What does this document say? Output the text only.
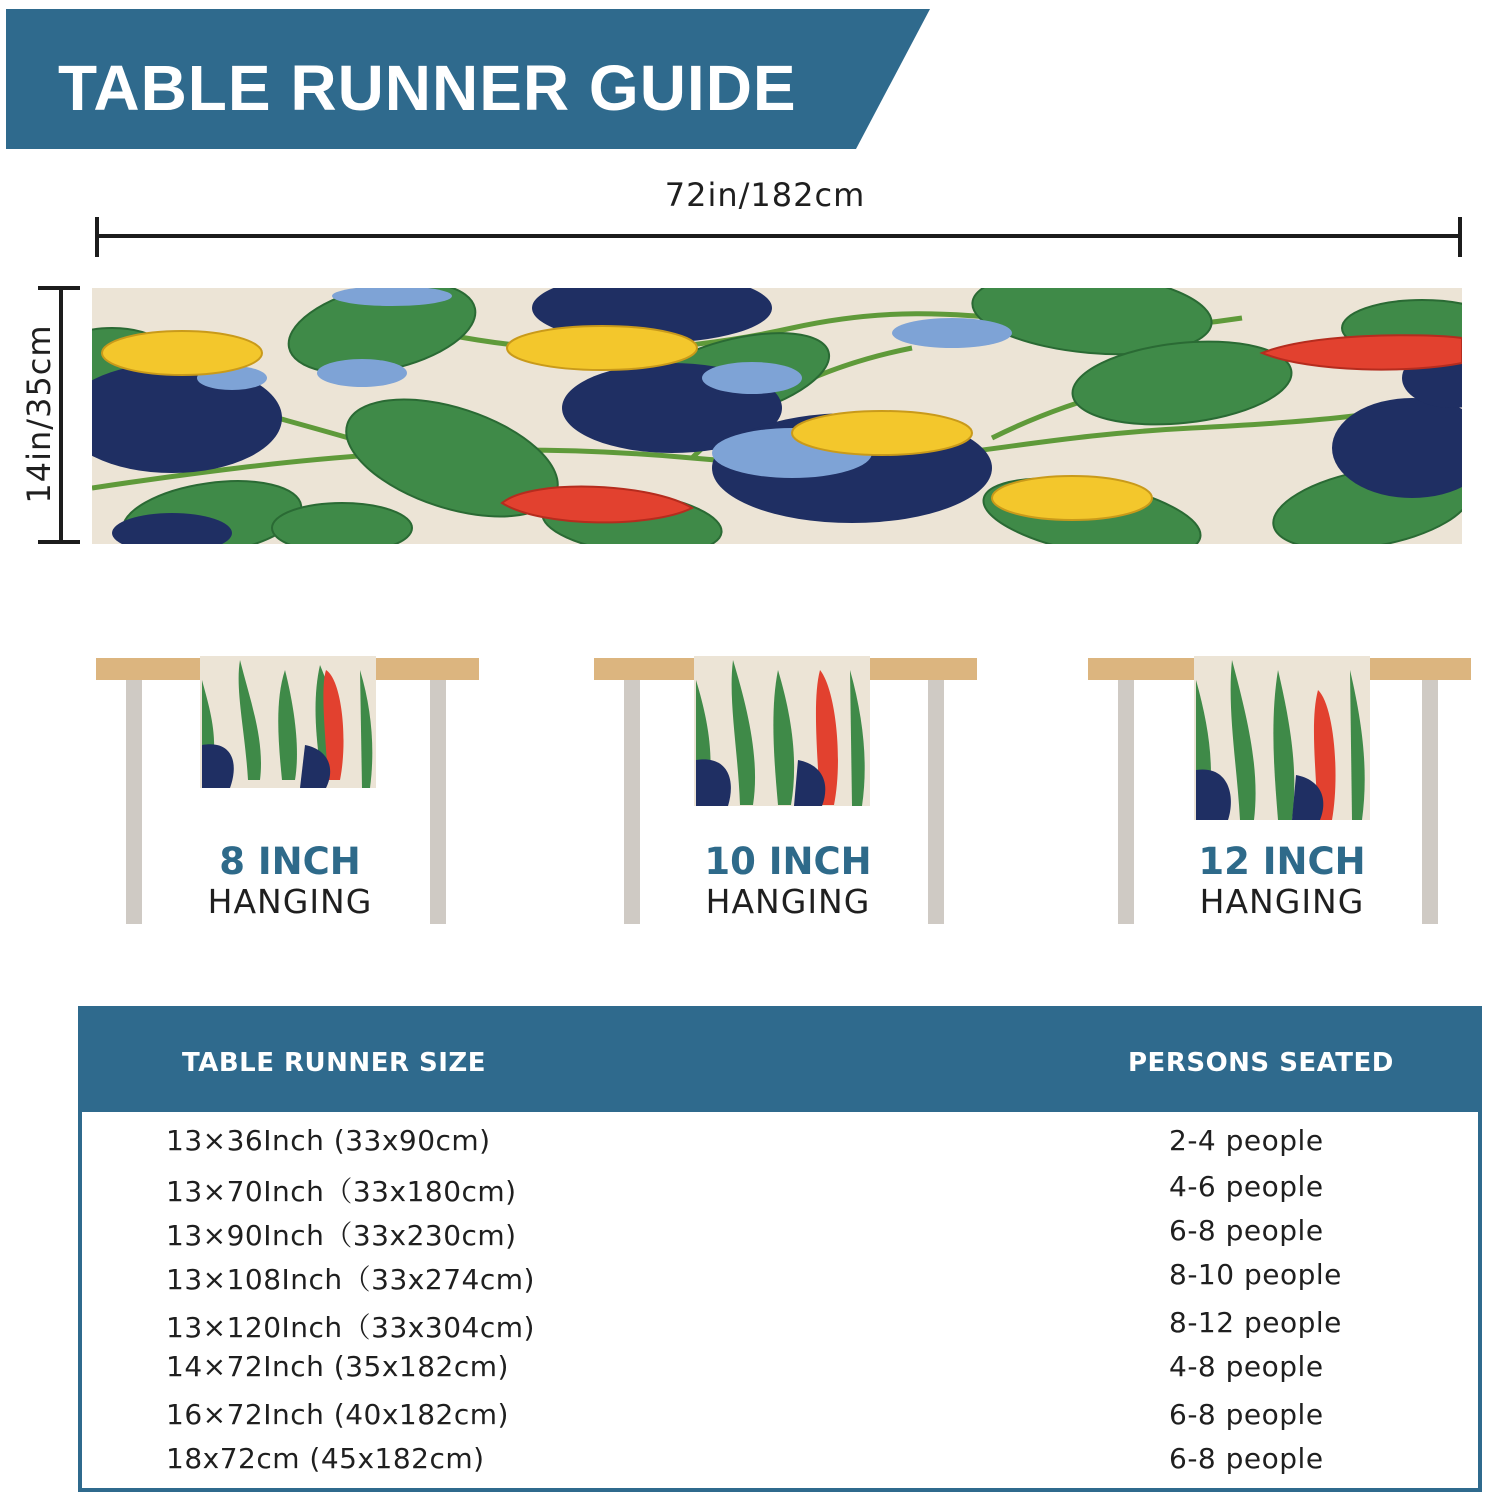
TABLE RUNNER GUIDE
72in/182cm
14in/35cm
8 INCH
HANGING
10 INCH
HANGING
12 INCH
HANGING
TABLE RUNNER SIZE	PERSONS SEATED
13×36Inch (33x90cm)	2-4 people
13×70Inch（33x180cm)	4-6 people
13×90Inch（33x230cm)	6-8 people
13×108Inch（33x274cm)	8-10 people
13×120Inch（33x304cm)	8-12 people
14×72Inch (35x182cm)	4-8 people
16×72Inch (40x182cm)	6-8 people
18x72cm (45x182cm)	6-8 people
